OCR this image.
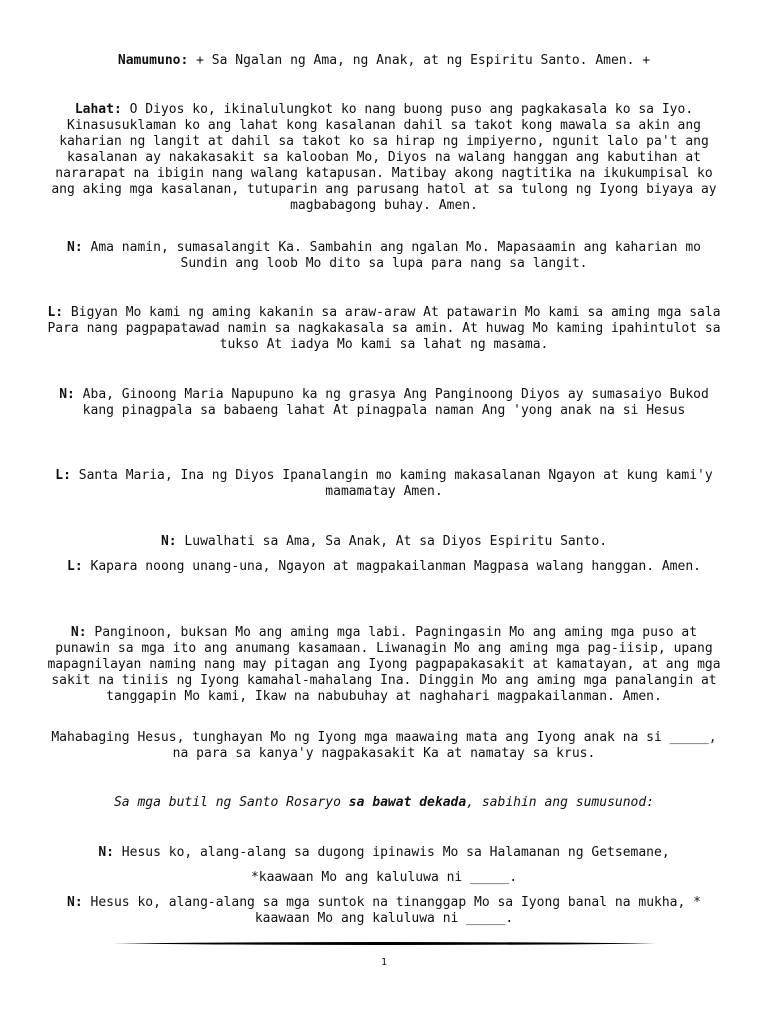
Namumuno: + Sa Ngalan ng Ama, ng Anak, at ng Espiritu Santo. Amen. +

Lahat: O Diyos ko, ikinalulungkot ko nang buong puso ang pagkakasala ko sa Iyo. Kinasusuklaman ko ang lahat kong kasalanan dahil sa takot kong mawala sa akin ang kaharian ng langit at dahil sa takot ko sa hirap ng impiyerno, ngunit lalo pa't ang kasalanan ay nakakasakit sa kalooban Mo, Diyos na walang hanggan ang kabutihan at nararapat na ibigin nang walang katapusan. Matibay akong nagtitika na ikukumpisal ko ang aking mga kasalanan, tutuparin ang parusang hatol at sa tulong ng Iyong biyaya ay magbabagong buhay. Amen.

N: Ama namin, sumasalangit Ka. Sambahin ang ngalan Mo. Mapasaamin ang kaharian mo Sundin ang loob Mo dito sa lupa para nang sa langit.

L: Bigyan Mo kami ng aming kakanin sa araw-araw At patawarin Mo kami sa aming mga sala Para nang pagpapatawad namin sa nagkakasala sa amin. At huwag Mo kaming ipahintulot sa tukso At iadya Mo kami sa lahat ng masama.

N: Aba, Ginoong Maria Napupuno ka ng grasya Ang Panginoong Diyos ay sumasaiyo Bukod kang pinagpala sa babaeng lahat At pinagpala naman Ang 'yong anak na si Hesus

L: Santa Maria, Ina ng Diyos Ipanalangin mo kaming makasalanan Ngayon at kung kami'y mamamatay Amen.

N: Luwalhati sa Ama, Sa Anak, At sa Diyos Espiritu Santo.

L: Kapara noong unang-una, Ngayon at magpakailanman Magpasa walang hanggan. Amen.

N: Panginoon, buksan Mo ang aming mga labi. Pagningasin Mo ang aming mga puso at punawin sa mga ito ang anumang kasamaan. Liwanagin Mo ang aming mga pag-iisip, upang mapagnilayan naming nang may pitagan ang Iyong pagpapakasakit at kamatayan, at ang mga sakit na tiniis ng Iyong kamahal-mahalang Ina. Dinggin Mo ang aming mga panalangin at tanggapin Mo kami, Ikaw na nabubuhay at naghahari magpakailanman. Amen.

Mahabaging Hesus, tunghayan Mo ng Iyong mga maawaing mata ang Iyong anak na si _____, na para sa kanya'y nagpakasakit Ka at namatay sa krus.

Sa mga butil ng Santo Rosaryo sa bawat dekada, sabihin ang sumusunod:

N: Hesus ko, alang-alang sa dugong ipinawis Mo sa Halamanan ng Getsemane,

*kaawaan Mo ang kaluluwa ni _____.

N: Hesus ko, alang-alang sa mga suntok na tinanggap Mo sa Iyong banal na mukha, * kaawaan Mo ang kaluluwa ni _____.

1
